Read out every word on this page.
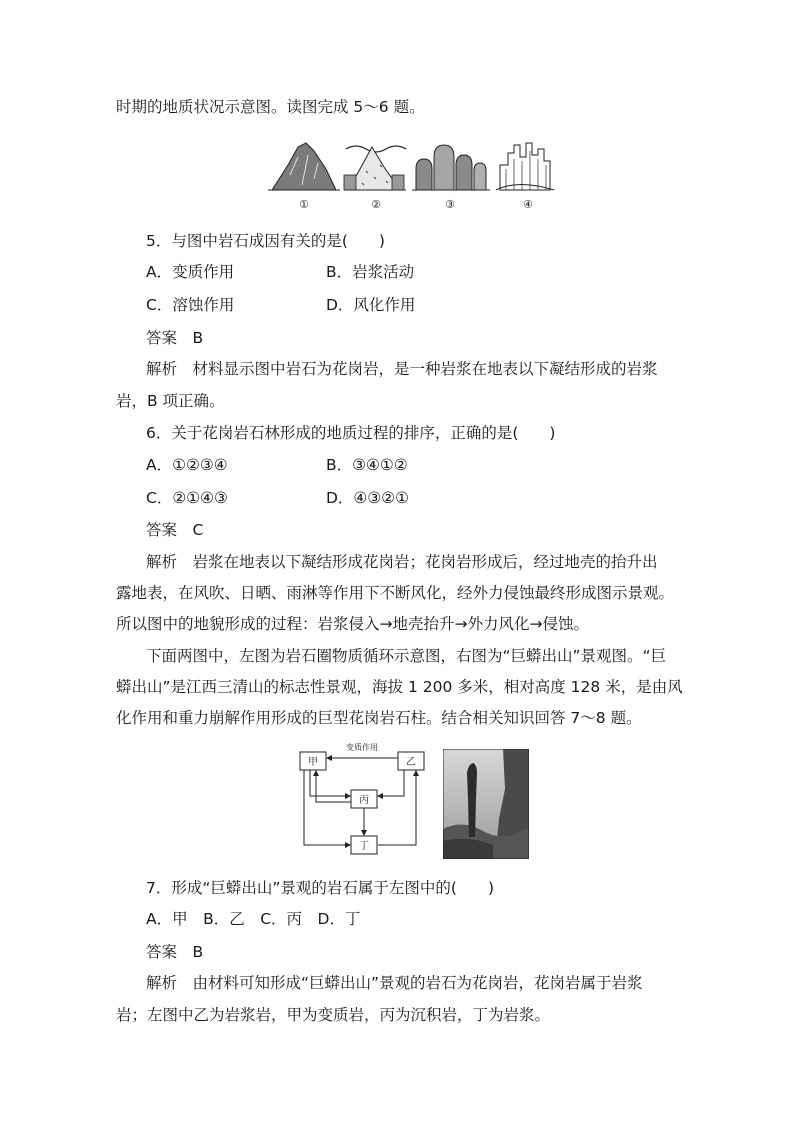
时期的地质状况示意图。读图完成 5～6 题。
①	②	③	④
5．与图中岩石成因有关的是(　　)
A．变质作用	B．岩浆活动
C．溶蚀作用	D．风化作用
答案　B
解析　材料显示图中岩石为花岗岩，是一种岩浆在地表以下凝结形成的岩浆
岩，B 项正确。
6．关于花岗岩石林形成的地质过程的排序，正确的是(　　)
A．①②③④	B．③④①②
C．②①④③	D．④③②①
答案　C
解析　岩浆在地表以下凝结形成花岗岩；花岗岩形成后，经过地壳的抬升出
露地表，在风吹、日晒、雨淋等作用下不断风化，经外力侵蚀最终形成图示景观。
所以图中的地貌形成的过程：岩浆侵入→地壳抬升→外力风化→侵蚀。
下面两图中，左图为岩石圈物质循环示意图，右图为“巨蟒出山”景观图。“巨
蟒出山”是江西三清山的标志性景观，海拔 1 200 多米，相对高度 128 米，是由风
化作用和重力崩解作用形成的巨型花岗岩石柱。结合相关知识回答 7～8 题。
甲	乙
丙
丁
变质作用
7．形成“巨蟒出山”景观的岩石属于左图中的(　　)
A．甲　B．乙　C．丙　D．丁
答案　B
解析　由材料可知形成“巨蟒出山”景观的岩石为花岗岩，花岗岩属于岩浆
岩；左图中乙为岩浆岩，甲为变质岩，丙为沉积岩，丁为岩浆。
